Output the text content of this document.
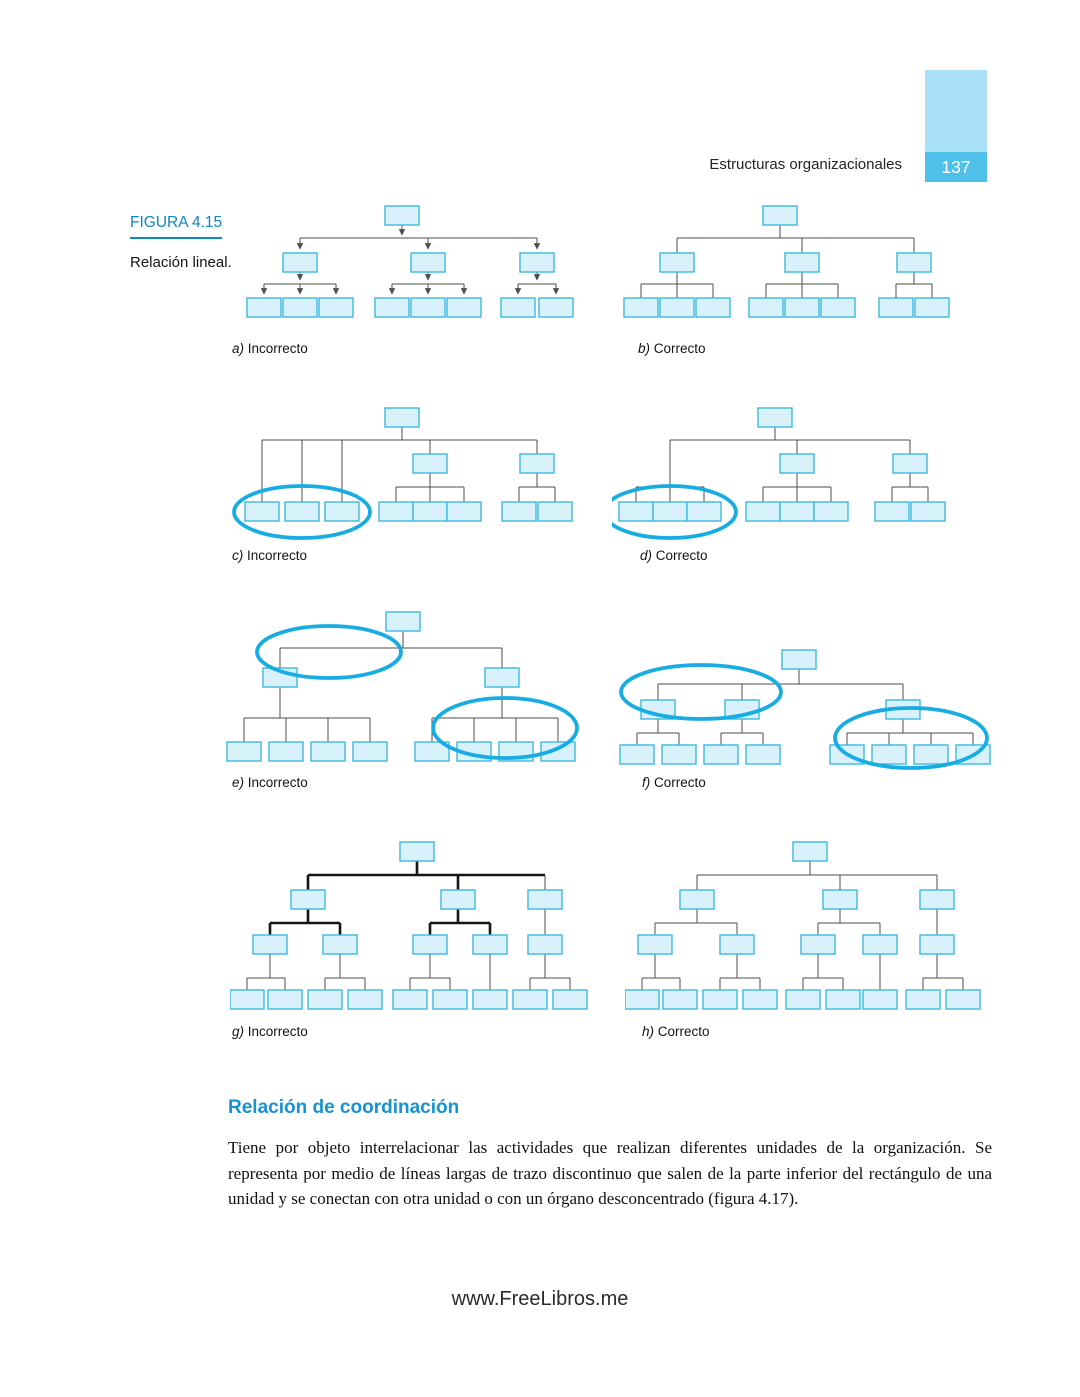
137
Estructuras organizacionales
FIGURA 4.15
Relación lineal.
a) Incorrecto	b) Correcto
c) Incorrecto	d) Correcto
e) Incorrecto	f) Correcto
g) Incorrecto	h) Correcto
Relación de coordinación

Tiene por objeto interrelacionar las actividades que realizan diferentes unidades de la organización. Se representa por medio de líneas largas de trazo discontinuo que salen de la parte inferior del rectángulo de una unidad y se conectan con otra unidad o con un órgano desconcentrado (figura 4.17).

www.FreeLibros.me
